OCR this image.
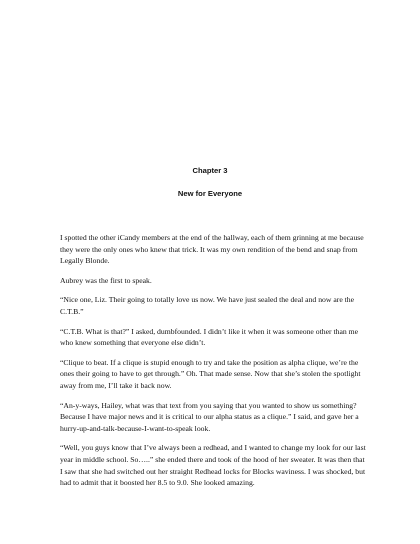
Chapter 3
New for Everyone

I spotted the other iCandy members at the end of the hallway, each of them grinning at me because they were the only ones who knew that trick. It was my own rendition of the bend and snap from Legally Blonde.

Aubrey was the first to speak.

“Nice one, Liz. Their going to totally love us now. We have just sealed the deal and now are the C.T.B.”

“C.T.B. What is that?” I asked, dumbfounded. I didn’t like it when it was someone other than me who knew something that everyone else didn’t.

“Clique to beat. If a clique is stupid enough to try and take the position as alpha clique, we’re the ones their going to have to get through.” Oh. That made sense. Now that she’s stolen the spotlight away from me, I’ll take it back now.

“An-y-ways, Hailey, what was that text from you saying that you wanted to show us something? Because I have major news and it is critical to our alpha status as a clique.” I said, and gave her a hurry-up-and-talk-because-I-want-to-speak look.

“Well, you guys know that I’ve always been a redhead, and I wanted to change my look for our last year in middle school. So…..” she ended there and took of the hood of her sweater. It was then that I saw that she had switched out her straight Redhead locks for Blocks waviness. I was shocked, but had to admit that it boosted her 8.5 to 9.0. She looked amazing.
